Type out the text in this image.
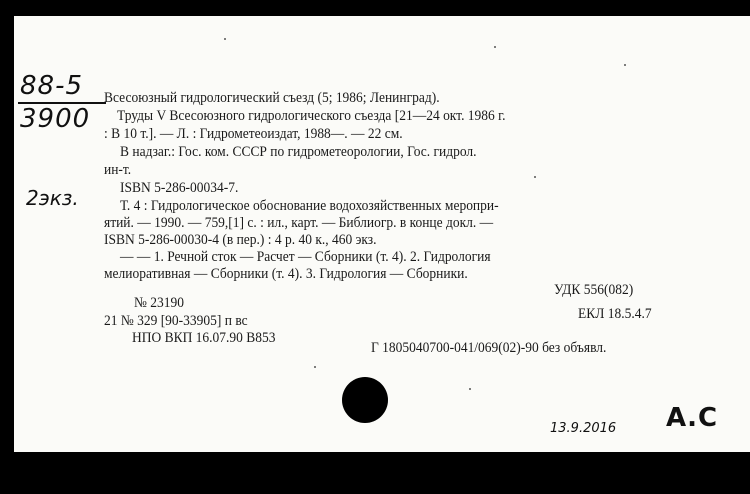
88-5
3900
2экз.
Всесоюзный гидрологический съезд (5; 1986; Ленинград).
Труды V Всесоюзного гидрологического съезда [21—24 окт. 1986 г.
: В 10 т.]. — Л. : Гидрометеоиздат, 1988—. — 22 см.
В надзаг.: Гос. ком. СССР по гидрометеорологии, Гос. гидрол.
ин-т.
ISBN 5-286-00034-7.
Т. 4 : Гидрологическое обоснование водохозяйственных меропри-
ятий. — 1990. — 759,[1] с. : ил., карт. — Библиогр. в конце докл. —
ISBN 5-286-00030-4 (в пер.) : 4 р. 40 к., 460 экз.
— — 1. Речной сток — Расчет — Сборники (т. 4). 2. Гидрология
мелиоративная — Сборники (т. 4). 3. Гидрология — Сборники.
УДК 556(082)
№ 23190
21 № 329 [90-33905] п вс	ЕКЛ 18.5.4.7
НПО ВКП 16.07.90 В853
Г 1805040700-041/069(02)-90 без объявл.
13.9.2016 А.С
